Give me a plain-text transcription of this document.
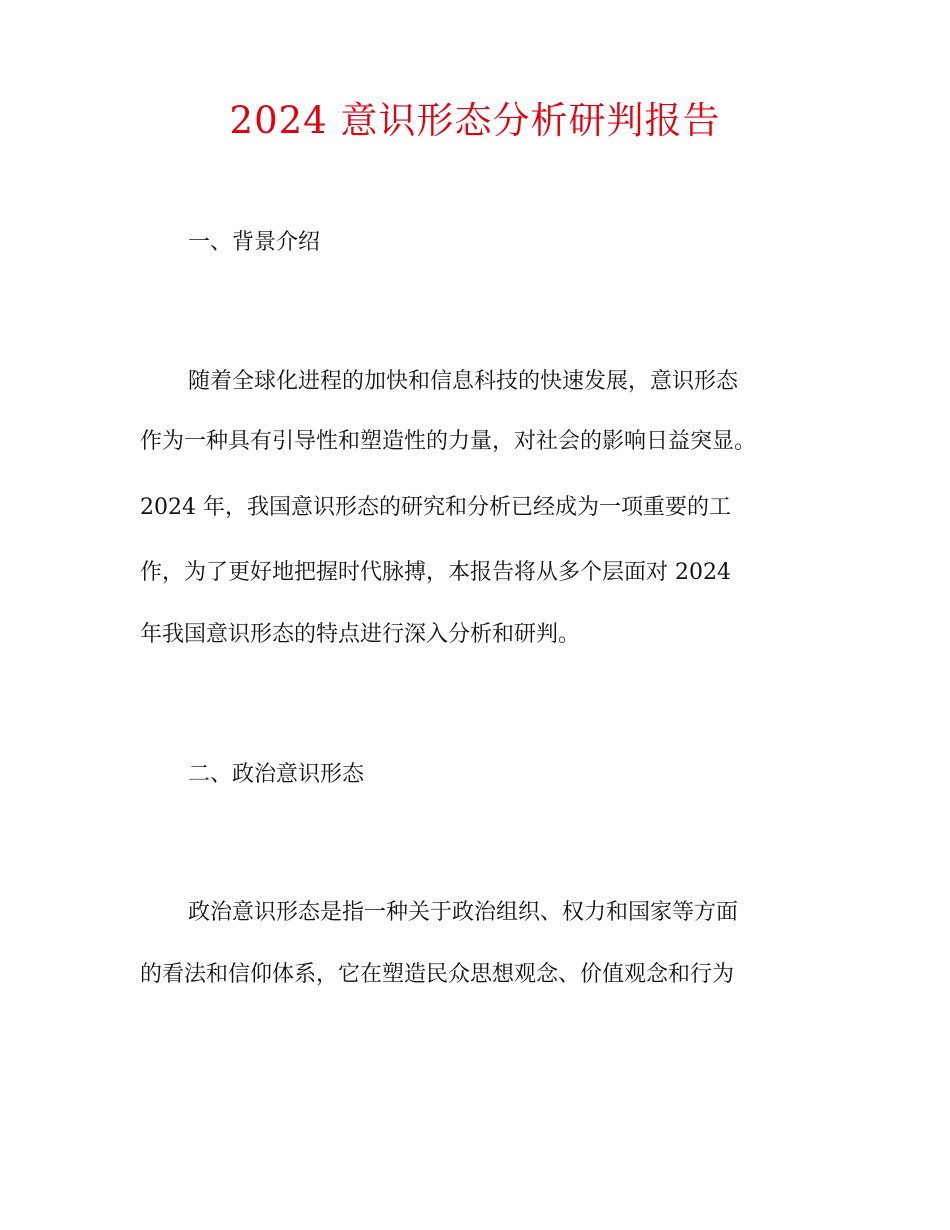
2024 意识形态分析研判报告
一、背景介绍
随着全球化进程的加快和信息科技的快速发展，意识形态
作为一种具有引导性和塑造性的力量，对社会的影响日益突显。
2024 年，我国意识形态的研究和分析已经成为一项重要的工
作，为了更好地把握时代脉搏，本报告将从多个层面对 2024
年我国意识形态的特点进行深入分析和研判。
二、政治意识形态
政治意识形态是指一种关于政治组织、权力和国家等方面
的看法和信仰体系，它在塑造民众思想观念、价值观念和行为
